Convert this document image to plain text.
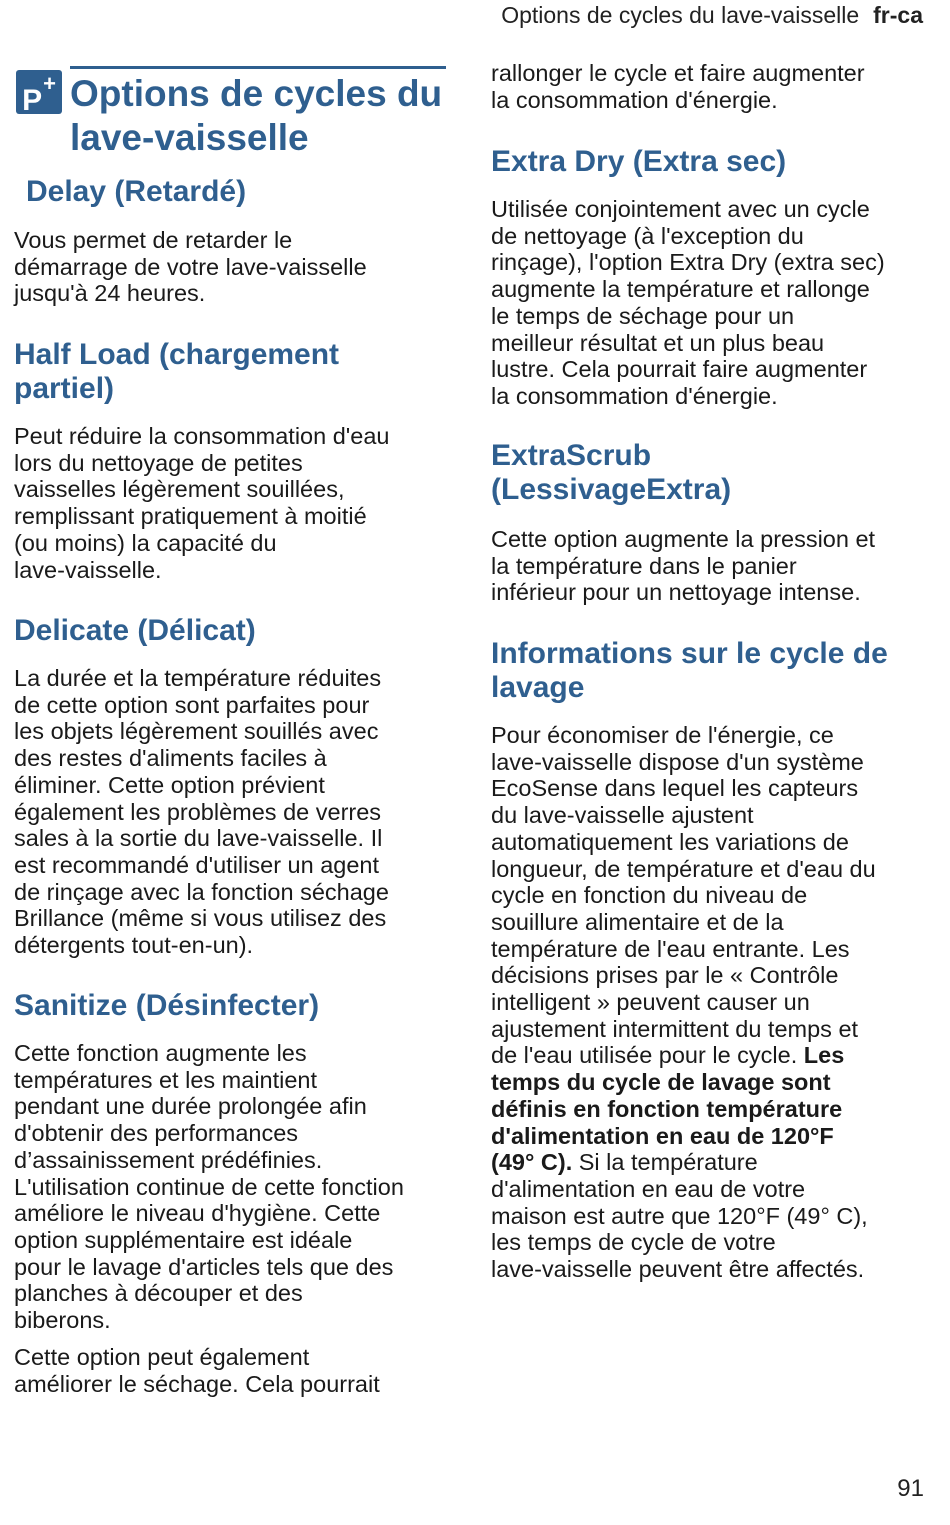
Options de cycles du lave-vaisselle fr-ca
P+ Options de cycles du lave-vaisselle
Delay (Retardé)

Vous permet de retarder le
démarrage de votre lave-vaisselle
jusqu'à 24 heures.

Half Load (chargement
partiel)

Peut réduire la consommation d'eau
lors du nettoyage de petites
vaisselles légèrement souillées,
remplissant pratiquement à moitié
(ou moins) la capacité du
lave-vaisselle.

Delicate (Délicat)

La durée et la température réduites
de cette option sont parfaites pour
les objets légèrement souillés avec
des restes d'aliments faciles à
éliminer. Cette option prévient
également les problèmes de verres
sales à la sortie du lave-vaisselle. Il
est recommandé d'utiliser un agent
de rinçage avec la fonction séchage
Brillance (même si vous utilisez des
détergents tout-en-un).

Sanitize (Désinfecter)

Cette fonction augmente les
températures et les maintient
pendant une durée prolongée afin
d'obtenir des performances
d’assainissement prédéfinies.
L'utilisation continue de cette fonction
améliore le niveau d'hygiène. Cette
option supplémentaire est idéale
pour le lavage d'articles tels que des
planches à découper et des
biberons.

Cette option peut également
améliorer le séchage. Cela pourrait

rallonger le cycle et faire augmenter
la consommation d'énergie.

Extra Dry (Extra sec)

Utilisée conjointement avec un cycle
de nettoyage (à l'exception du
rinçage), l'option Extra Dry (extra sec)
augmente la température et rallonge
le temps de séchage pour un
meilleur résultat et un plus beau
lustre. Cela pourrait faire augmenter
la consommation d'énergie.

ExtraScrub
(LessivageExtra)

Cette option augmente la pression et
la température dans le panier
inférieur pour un nettoyage intense.

Informations sur le cycle de
lavage

Pour économiser de l'énergie, ce
lave-vaisselle dispose d'un système
EcoSense dans lequel les capteurs
du lave-vaisselle ajustent
automatiquement les variations de
longueur, de température et d'eau du
cycle en fonction du niveau de
souillure alimentaire et de la
température de l'eau entrante. Les
décisions prises par le « Contrôle
intelligent » peuvent causer un
ajustement intermittent du temps et
de l'eau utilisée pour le cycle. Les
temps du cycle de lavage sont
définis en fonction température
d'alimentation en eau de 120°F
(49° C). Si la température
d'alimentation en eau de votre
maison est autre que 120°F (49° C),
les temps de cycle de votre
lave-vaisselle peuvent être affectés.

91
